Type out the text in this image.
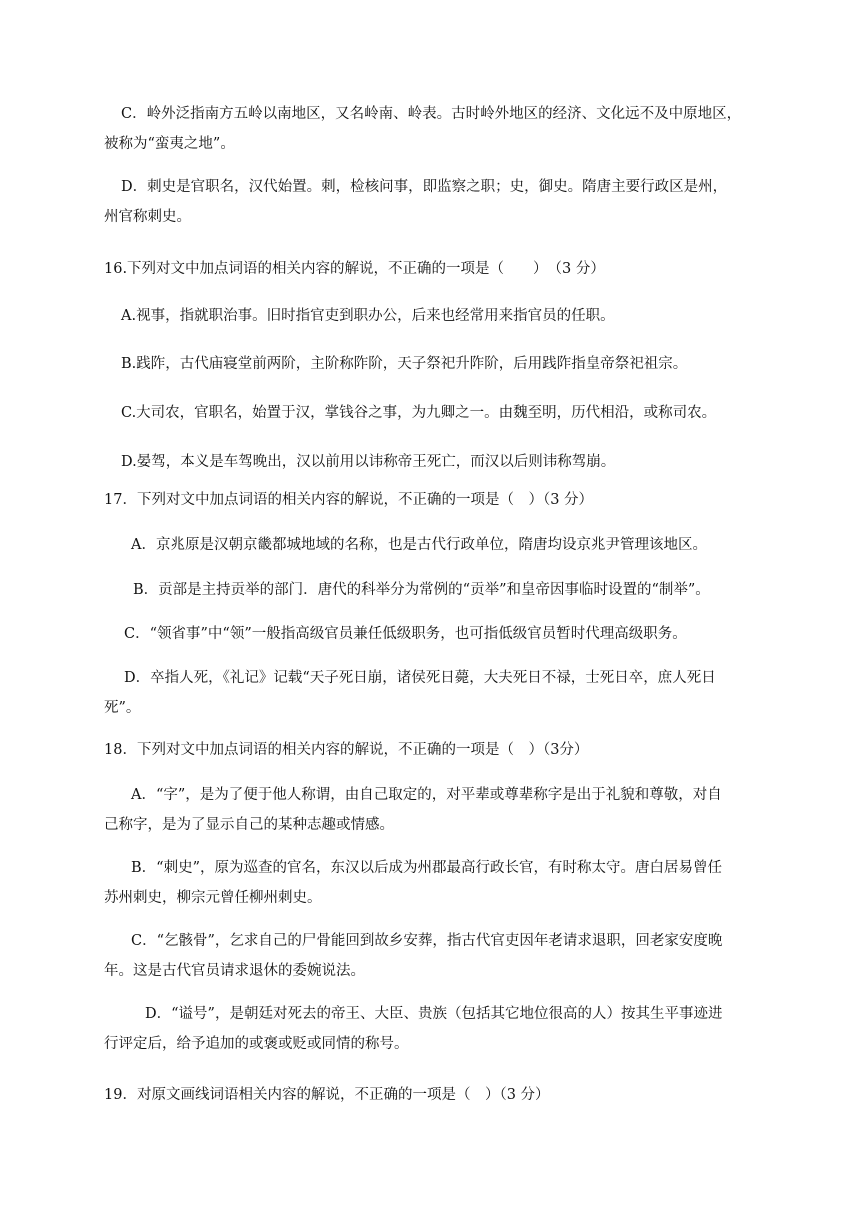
C．岭外泛指南方五岭以南地区，又名岭南、岭表。古时岭外地区的经济、文化远不及中原地区，
被称为“蛮夷之地”。
D．刺史是官职名，汉代始置。刺，检核问事，即监察之职；史，御史。隋唐主要行政区是州，
州官称刺史。
16.下列对文中加点词语的相关内容的解说，不正确的一项是（　　）　（3 分）
A.视事，指就职治事。旧时指官吏到职办公，后来也经常用来指官员的任职。
B.践阼，古代庙寝堂前两阶，主阶称阼阶，天子祭祀升阼阶，后用践阼指皇帝祭祀祖宗。
C.大司农，官职名，始置于汉，掌钱谷之事，为九卿之一。由魏至明，历代相沿，或称司农。
D.晏驾，本义是车驾晚出，汉以前用以讳称帝王死亡，而汉以后则讳称驾崩。
17．下列对文中加点词语的相关内容的解说，不正确的一项是（　）（3 分）
A．京兆原是汉朝京畿都城地域的名称，也是古代行政单位，隋唐均设京兆尹管理该地区。
B．贡部是主持贡举的部门．唐代的科举分为常例的“贡举”和皇帝因事临时设置的“制举”。
C．“领省事”中“领”一般指高级官员兼任低级职务，也可指低级官员暂时代理高级职务。
D．卒指人死，《礼记》记载“天子死日崩，诸侯死日薨，大夫死日不禄，士死日卒，庶人死日
死”。
18．下列对文中加点词语的相关内容的解说，不正确的一项是（　）（3分）
A．“字”，是为了便于他人称谓，由自己取定的，对平辈或尊辈称字是出于礼貌和尊敬，对自
己称字，是为了显示自己的某种志趣或情感。
B．“刺史”，原为巡查的官名，东汉以后成为州郡最高行政长官，有时称太守。唐白居易曾任
苏州刺史，柳宗元曾任柳州刺史。
C．“乞骸骨”，乞求自己的尸骨能回到故乡安葬，指古代官吏因年老请求退职，回老家安度晚
年。这是古代官员请求退休的委婉说法。
D．“谥号”，是朝廷对死去的帝王、大臣、贵族（包括其它地位很高的人）按其生平事迹进
行评定后，给予追加的或褒或贬或同情的称号。
19．对原文画线词语相关内容的解说，不正确的一项是（　）（3 分）
